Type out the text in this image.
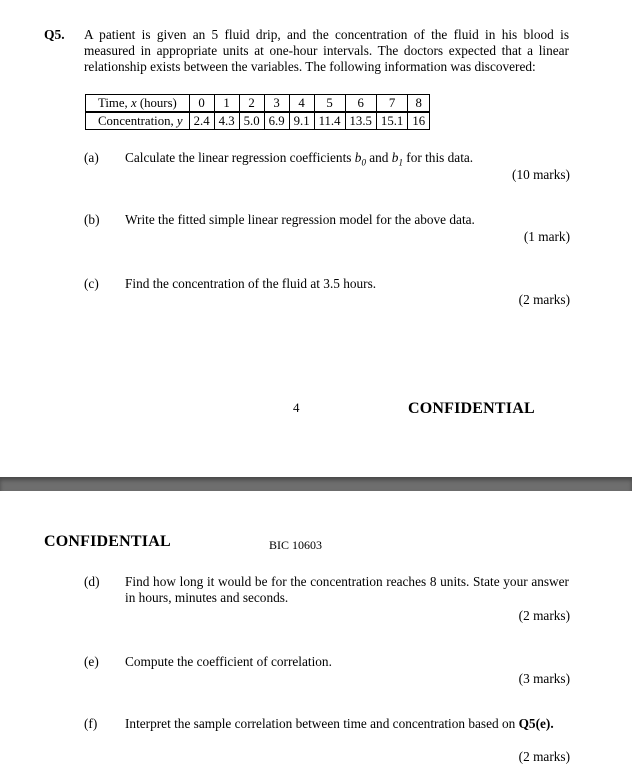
Q5. A patient is given an 5 fluid drip, and the concentration of the fluid in his blood is measured in appropriate units at one-hour intervals. The doctors expected that a linear relationship exists between the variables. The following information was discovered:
Time, x (hours)	0	1	2	3	4	5	6	7	8
Concentration, y	2.4	4.3	5.0	6.9	9.1	11.4	13.5	15.1	16
(a) Calculate the linear regression coefficients $b_0$ and $b_1$ for this data.
(10 marks)
(b) Write the fitted simple linear regression model for the above data.
(1 mark)
(c) Find the concentration of the fluid at 3.5 hours.
(2 marks)
4	CONFIDENTIAL
CONFIDENTIAL	BIC 10603
(d) Find how long it would be for the concentration reaches 8 units. State your answer in hours, minutes and seconds.
(2 marks)
(e) Compute the coefficient of correlation.
(3 marks)
(f) Interpret the sample correlation between time and concentration based on Q5(e).
(2 marks)
